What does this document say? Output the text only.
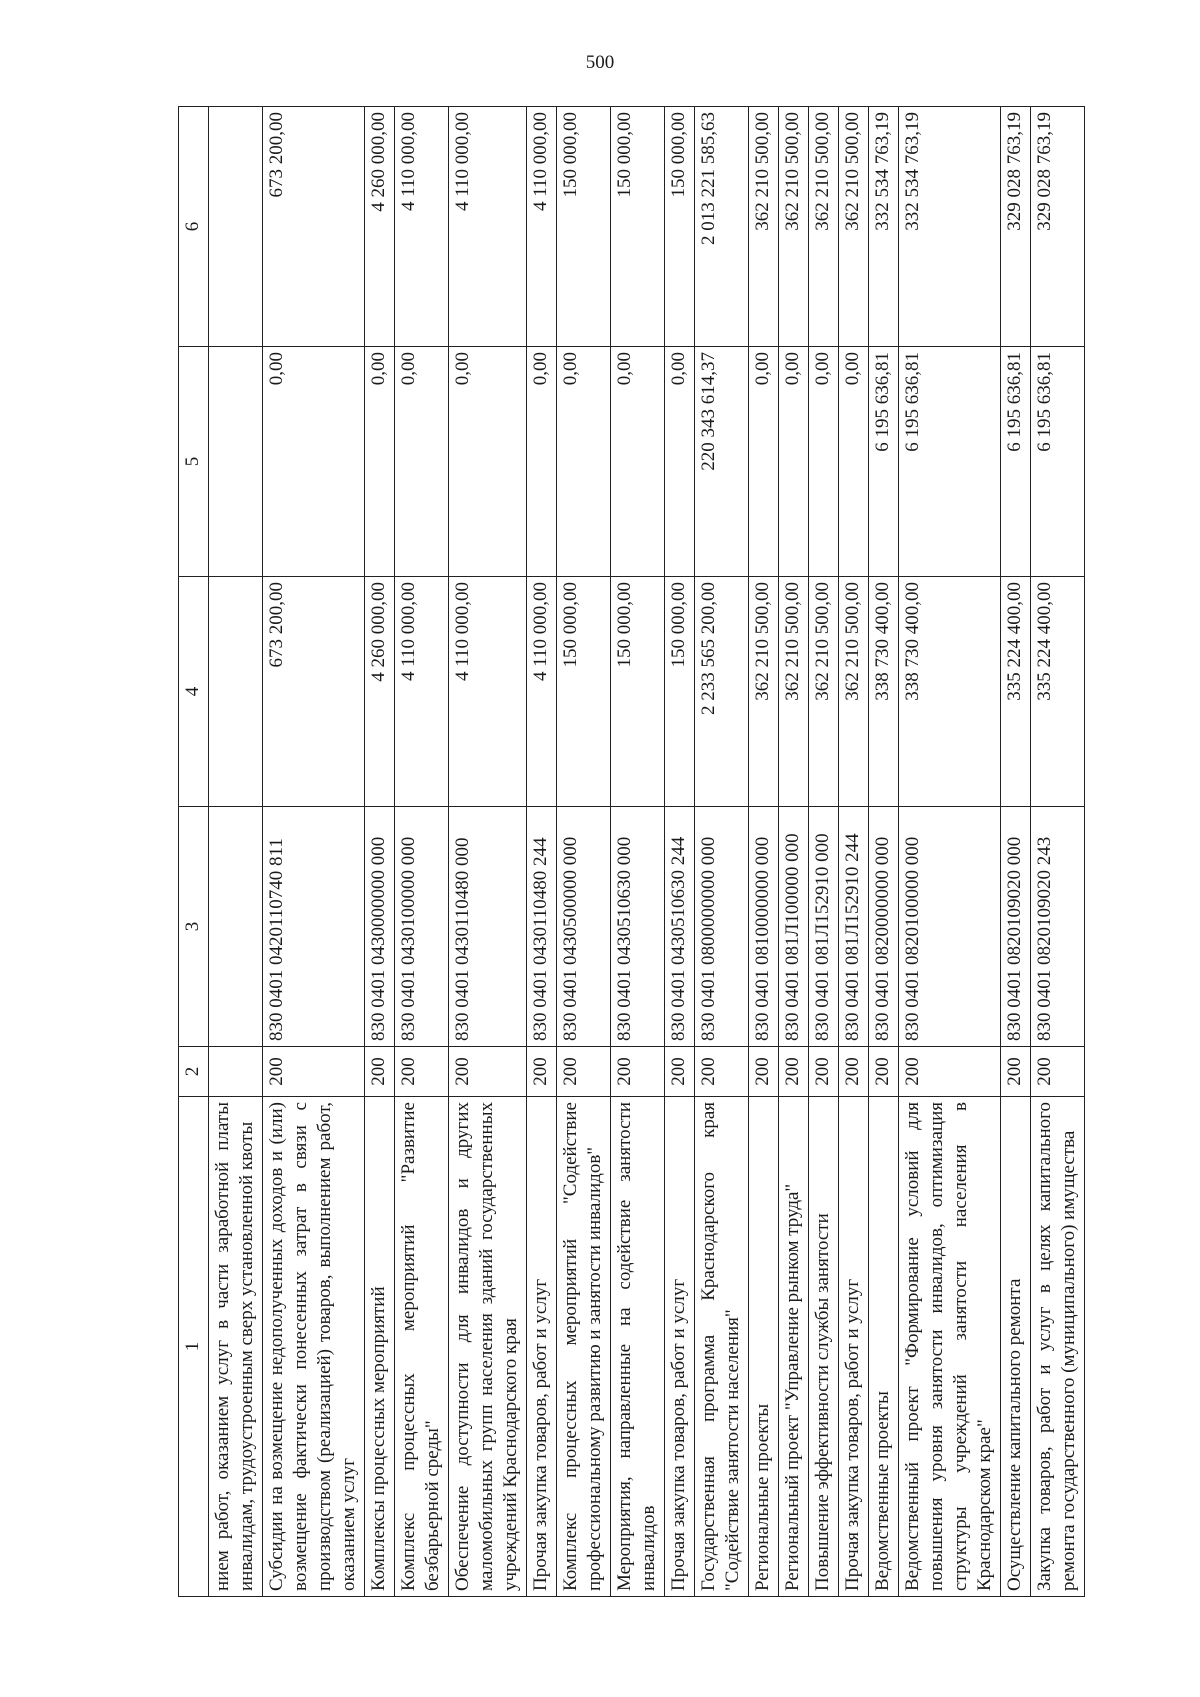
500
1	2	3	4	5	6
нием работ, оказанием услуг в части заработной платы инвалидам, трудоустроенным сверх установленной квоты					
Субсидии на возмещение недополученных доходов и (или) возмещение фактически понесенных затрат в связи с производством (реализацией) товаров, выполнением работ, оказанием услуг	200	830 0401 0420110740 811	673 200,00	0,00	673 200,00
Комплексы процессных мероприятий	200	830 0401 0430000000 000	4 260 000,00	0,00	4 260 000,00
Комплекс процессных мероприятий "Развитие безбарьерной среды"	200	830 0401 0430100000 000	4 110 000,00	0,00	4 110 000,00
Обеспечение доступности для инвалидов и других маломобильных групп населения зданий государственных учреждений Краснодарского края	200	830 0401 0430110480 000	4 110 000,00	0,00	4 110 000,00
Прочая закупка товаров, работ и услуг	200	830 0401 0430110480 244	4 110 000,00	0,00	4 110 000,00
Комплекс процессных мероприятий "Содействие профессиональному развитию и занятости инвалидов"	200	830 0401 0430500000 000	150 000,00	0,00	150 000,00
Мероприятия, направленные на содействие занятости инвалидов	200	830 0401 0430510630 000	150 000,00	0,00	150 000,00
Прочая закупка товаров, работ и услуг	200	830 0401 0430510630 244	150 000,00	0,00	150 000,00
Государственная программа Краснодарского края "Содействие занятости населения"	200	830 0401 0800000000 000	2 233 565 200,00	220 343 614,37	2 013 221 585,63
Региональные проекты	200	830 0401 0810000000 000	362 210 500,00	0,00	362 210 500,00
Региональный проект "Управление рынком труда"	200	830 0401 081Л100000 000	362 210 500,00	0,00	362 210 500,00
Повышение эффективности службы занятости	200	830 0401 081Л152910 000	362 210 500,00	0,00	362 210 500,00
Прочая закупка товаров, работ и услуг	200	830 0401 081Л152910 244	362 210 500,00	0,00	362 210 500,00
Ведомственные проекты	200	830 0401 0820000000 000	338 730 400,00	6 195 636,81	332 534 763,19
Ведомственный проект "Формирование условий для повышения уровня занятости инвалидов, оптимизация структуры учреждений занятости населения в Краснодарском крае"	200	830 0401 0820100000 000	338 730 400,00	6 195 636,81	332 534 763,19
Осуществление капитального ремонта	200	830 0401 0820109020 000	335 224 400,00	6 195 636,81	329 028 763,19
Закупка товаров, работ и услуг в целях капитального ремонта государственного (муниципального) имущества	200	830 0401 0820109020 243	335 224 400,00	6 195 636,81	329 028 763,19
